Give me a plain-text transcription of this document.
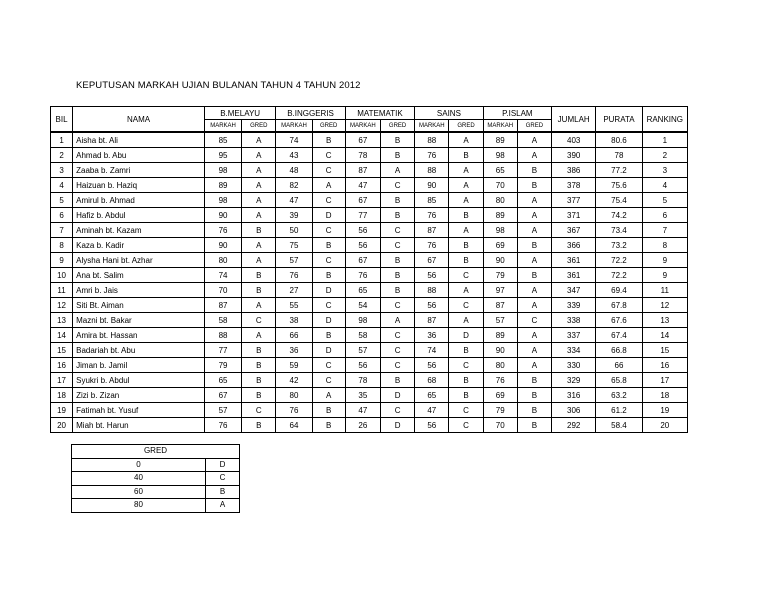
KEPUTUSAN MARKAH UJIAN BULANAN TAHUN 4 TAHUN 2012
BIL	NAMA	B.MELAYU		B.INGGERIS		MATEMATIK		SAINS		P.ISLAM		JUMLAH	PURATA	RANKING
		MARKAH	GRED	MARKAH	GRED	MARKAH	GRED	MARKAH	GRED	MARKAH	GRED			
1	Aisha bt. Ali	85	A	74	B	67	B	88	A	89	A	403	80.6	1
2	Ahmad b. Abu	95	A	43	C	78	B	76	B	98	A	390	78	2
3	Zaaba b. Zamri	98	A	48	C	87	A	88	A	65	B	386	77.2	3
4	Haizuan b. Haziq	89	A	82	A	47	C	90	A	70	B	378	75.6	4
5	Amirul b. Ahmad	98	A	47	C	67	B	85	A	80	A	377	75.4	5
6	Hafiz b. Abdul	90	A	39	D	77	B	76	B	89	A	371	74.2	6
7	Aminah bt. Kazam	76	B	50	C	56	C	87	A	98	A	367	73.4	7
8	Kaza b. Kadir	90	A	75	B	56	C	76	B	69	B	366	73.2	8
9	Alysha Hani bt. Azhar	80	A	57	C	67	B	67	B	90	A	361	72.2	9
10	Ana bt. Salim	74	B	76	B	76	B	56	C	79	B	361	72.2	9
11	Amri b. Jais	70	B	27	D	65	B	88	A	97	A	347	69.4	11
12	Siti Bt. Aiman	87	A	55	C	54	C	56	C	87	A	339	67.8	12
13	Mazni bt. Bakar	58	C	38	D	98	A	87	A	57	C	338	67.6	13
14	Amira bt. Hassan	88	A	66	B	58	C	36	D	89	A	337	67.4	14
15	Badariah bt. Abu	77	B	36	D	57	C	74	B	90	A	334	66.8	15
16	Jiman b. Jamil	79	B	59	C	56	C	56	C	80	A	330	66	16
17	Syukri b. Abdul	65	B	42	C	78	B	68	B	76	B	329	65.8	17
18	Zizi b. Zizan	67	B	80	A	35	D	65	B	69	B	316	63.2	18
19	Fatimah bt. Yusuf	57	C	76	B	47	C	47	C	79	B	306	61.2	19
20	Miah bt. Harun	76	B	64	B	26	D	56	C	70	B	292	58.4	20
GRED	
0	D
40	C
60	B
80	A
